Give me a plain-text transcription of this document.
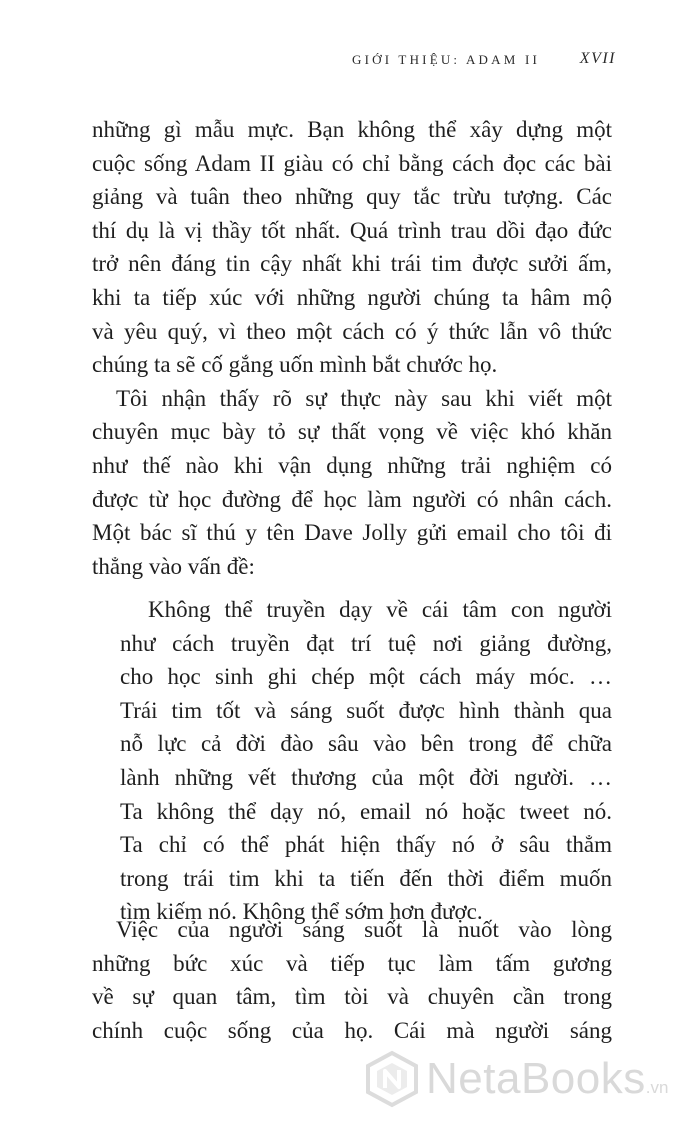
GIỚI THIỆU: ADAM II XVII
những gì mẫu mực. Bạn không thể xây dựng một
cuộc sống Adam II giàu có chỉ bằng cách đọc các bài
giảng và tuân theo những quy tắc trừu tượng. Các
thí dụ là vị thầy tốt nhất. Quá trình trau dồi đạo đức
trở nên đáng tin cậy nhất khi trái tim được sưởi ấm,
khi ta tiếp xúc với những người chúng ta hâm mộ
và yêu quý, vì theo một cách có ý thức lẫn vô thức
chúng ta sẽ cố gắng uốn mình bắt chước họ.
Tôi nhận thấy rõ sự thực này sau khi viết một
chuyên mục bày tỏ sự thất vọng về việc khó khăn
như thế nào khi vận dụng những trải nghiệm có
được từ học đường để học làm người có nhân cách.
Một bác sĩ thú y tên Dave Jolly gửi email cho tôi đi
thẳng vào vấn đề:
Không thể truyền dạy về cái tâm con người
như cách truyền đạt trí tuệ nơi giảng đường,
cho học sinh ghi chép một cách máy móc. …
Trái tim tốt và sáng suốt được hình thành qua
nỗ lực cả đời đào sâu vào bên trong để chữa
lành những vết thương của một đời người. …
Ta không thể dạy nó, email nó hoặc tweet nó.
Ta chỉ có thể phát hiện thấy nó ở sâu thẳm
trong trái tim khi ta tiến đến thời điểm muốn
tìm kiếm nó. Không thể sớm hơn được.
Việc của người sáng suốt là nuốt vào lòng
những bức xúc và tiếp tục làm tấm gương
về sự quan tâm, tìm tòi và chuyên cần trong
chính cuộc sống của họ. Cái mà người sáng
NetaBooks.vn
